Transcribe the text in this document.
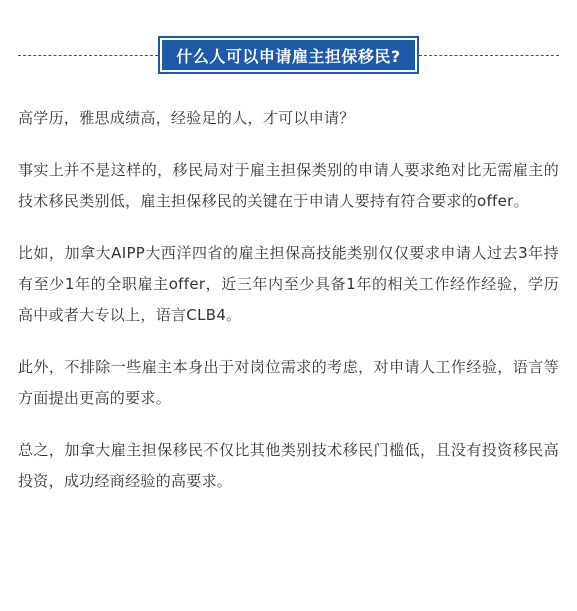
什么人可以申请雇主担保移民?

高学历，雅思成绩高，经验足的人，才可以申请？

事实上并不是这样的，移民局对于雇主担保类别的申请人要求绝对比无需雇主的技术移民类别低，雇主担保移民的关键在于申请人要持有符合要求的offer。

比如，加拿大AIPP大西洋四省的雇主担保高技能类别仅仅要求申请人过去3年持有至少1年的全职雇主offer，近三年内至少具备1年的相关工作经作经验，学历高中或者大专以上，语言CLB4。

此外，不排除一些雇主本身出于对岗位需求的考虑，对申请人工作经验，语言等方面提出更高的要求。

总之，加拿大雇主担保移民不仅比其他类别技术移民门槛低，且没有投资移民高投资，成功经商经验的高要求。
